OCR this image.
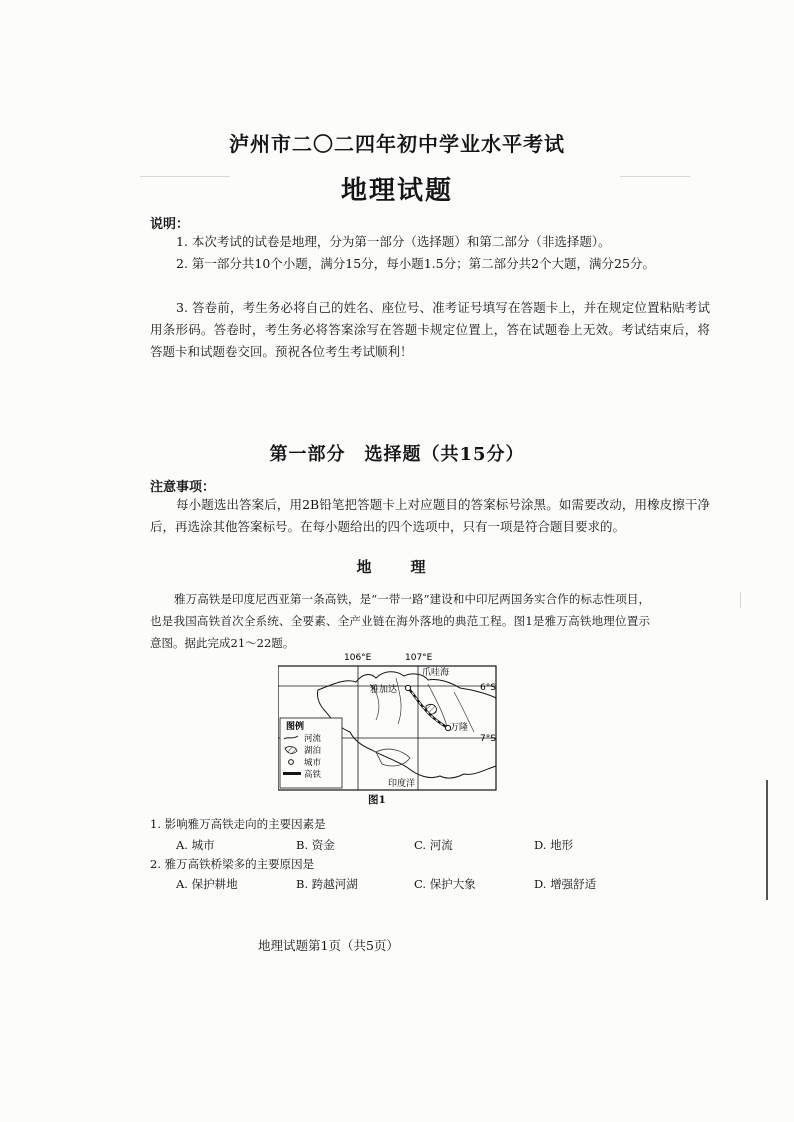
泸州市二〇二四年初中学业水平考试
地理试题
说明：
1. 本次考试的试卷是地理，分为第一部分（选择题）和第二部分（非选择题）。
2. 第一部分共10个小题，满分15分，每小题1.5分；第二部分共2个大题，满分25分。
3. 答卷前，考生务必将自己的姓名、座位号、准考证号填写在答题卡上，并在规定位置粘贴考试用条形码。答卷时，考生务必将答案涂写在答题卡规定位置上，答在试题卷上无效。考试结束后，将答题卡和试题卷交回。预祝各位考生考试顺利！
第一部分　选择题（共15分）
注意事项：
每小题选出答案后，用2B铅笔把答题卡上对应题目的答案标号涂黑。如需要改动，用橡皮擦干净后，再选涂其他答案标号。在每小题给出的四个选项中，只有一项是符合题目要求的。
地　理
雅万高铁是印度尼西亚第一条高铁，是“一带一路”建设和中印尼两国务实合作的标志性项目，也是我国高铁首次全系统、全要素、全产业链在海外落地的典范工程。图1是雅万高铁地理位置示意图。据此完成21～22题。
106°E	107°E
6°S
7°S
爪哇海
雅加达
万隆
印度洋
图例
河流
湖泊
城市
高铁
图1
1. 影响雅万高铁走向的主要因素是
A. 城市	B. 资金	C. 河流	D. 地形
2. 雅万高铁桥梁多的主要原因是
A. 保护耕地	B. 跨越河湖	C. 保护大象	D. 增强舒适
地理试题第1页（共5页）
